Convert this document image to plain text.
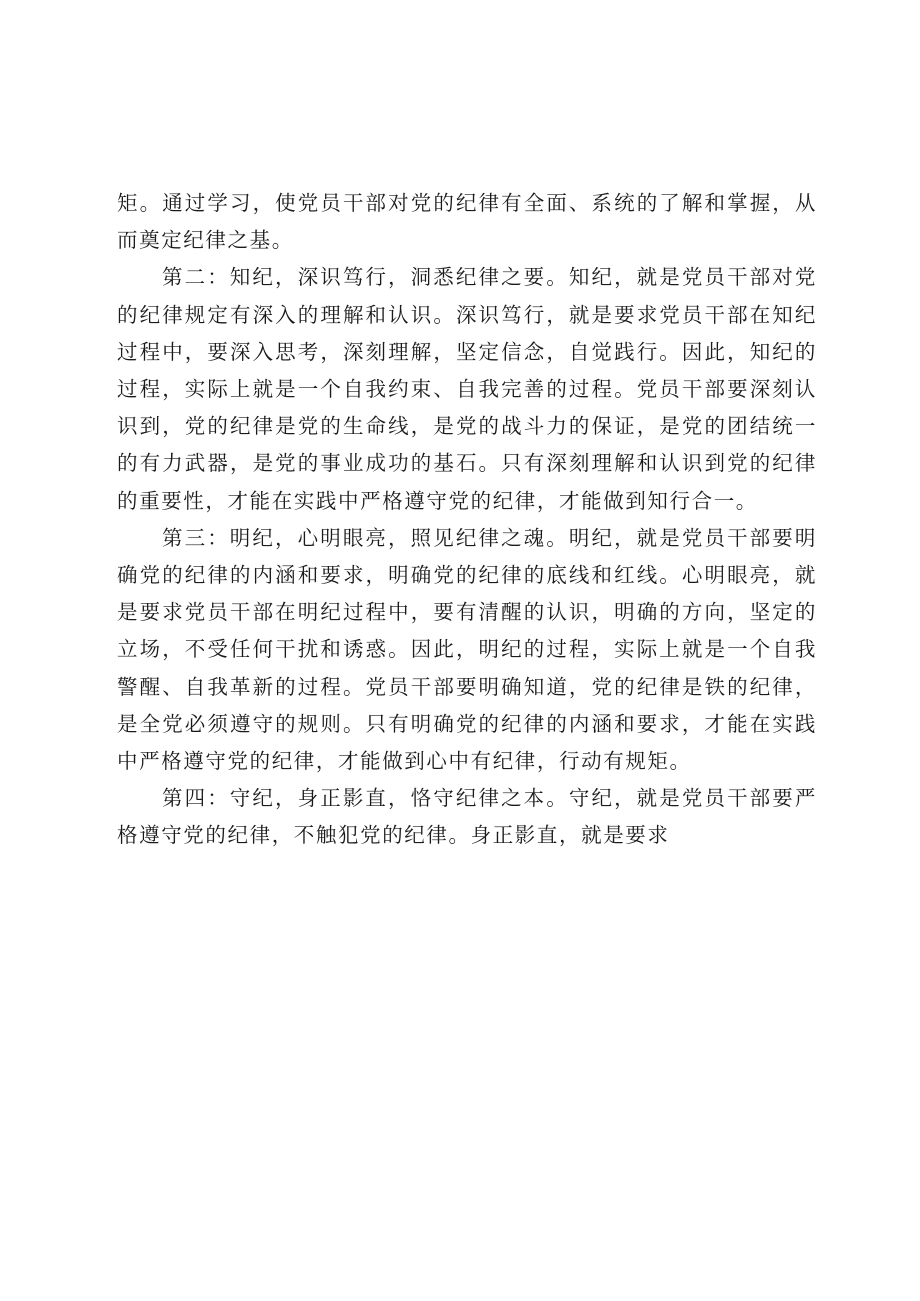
矩。通过学习，使党员干部对党的纪律有全面、系统的了解和掌握，从而奠定纪律之基。

第二：知纪，深识笃行，洞悉纪律之要。知纪，就是党员干部对党的纪律规定有深入的理解和认识。深识笃行，就是要求党员干部在知纪过程中，要深入思考，深刻理解，坚定信念，自觉践行。因此，知纪的过程，实际上就是一个自我约束、自我完善的过程。党员干部要深刻认识到，党的纪律是党的生命线，是党的战斗力的保证，是党的团结统一的有力武器，是党的事业成功的基石。只有深刻理解和认识到党的纪律的重要性，才能在实践中严格遵守党的纪律，才能做到知行合一。

第三：明纪，心明眼亮，照见纪律之魂。明纪，就是党员干部要明确党的纪律的内涵和要求，明确党的纪律的底线和红线。心明眼亮，就是要求党员干部在明纪过程中，要有清醒的认识，明确的方向，坚定的立场，不受任何干扰和诱惑。因此，明纪的过程，实际上就是一个自我警醒、自我革新的过程。党员干部要明确知道，党的纪律是铁的纪律，是全党必须遵守的规则。只有明确党的纪律的内涵和要求，才能在实践中严格遵守党的纪律，才能做到心中有纪律，行动有规矩。

第四：守纪，身正影直，恪守纪律之本。守纪，就是党员干部要严格遵守党的纪律，不触犯党的纪律。身正影直，就是要求
